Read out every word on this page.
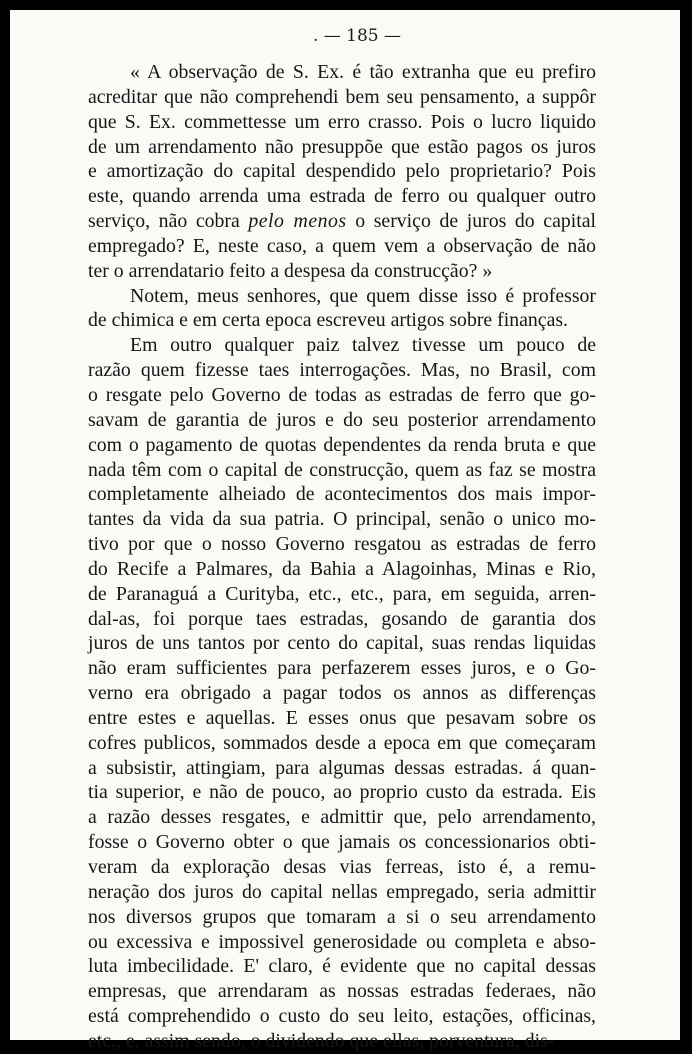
. — 185 —
« A observação de S. Ex. é tão extranha que eu prefiro
acreditar que não comprehendi bem seu pensamento, a suppôr
que S. Ex. commettesse um erro crasso. Pois o lucro liquido
de um arrendamento não presuppõe que estão pagos os juros
e amortização do capital despendido pelo proprietario? Pois
este, quando arrenda uma estrada de ferro ou qualquer outro
serviço, não cobra pelo menos o serviço de juros do capital
empregado? E, neste caso, a quem vem a observação de não
ter o arrendatario feito a despesa da construcção? »
Notem, meus senhores, que quem disse isso é professor
de chimica e em certa epoca escreveu artigos sobre finanças.
Em outro qualquer paiz talvez tivesse um pouco de
razão quem fizesse taes interrogações. Mas, no Brasil, com
o resgate pelo Governo de todas as estradas de ferro que go-
savam de garantia de juros e do seu posterior arrendamento
com o pagamento de quotas dependentes da renda bruta e que
nada têm com o capital de construcção, quem as faz se mostra
completamente alheiado de acontecimentos dos mais impor-
tantes da vida da sua patria. O principal, senão o unico mo-
tivo por que o nosso Governo resgatou as estradas de ferro
do Recife a Palmares, da Bahia a Alagoinhas, Minas e Rio,
de Paranaguá a Curityba, etc., etc., para, em seguida, arren-
dal-as, foi porque taes estradas, gosando de garantia dos
juros de uns tantos por cento do capital, suas rendas liquidas
não eram sufficientes para perfazerem esses juros, e o Go-
verno era obrigado a pagar todos os annos as differenças
entre estes e aquellas. E esses onus que pesavam sobre os
cofres publicos, sommados desde a epoca em que começaram
a subsistir, attingiam, para algumas dessas estradas. á quan-
tia superior, e não de pouco, ao proprio custo da estrada. Eis
a razão desses resgates, e admittir que, pelo arrendamento,
fosse o Governo obter o que jamais os concessionarios obti-
veram da exploração desas vias ferreas, isto é, a remu-
neração dos juros do capital nellas empregado, seria admittir
nos diversos grupos que tomaram a si o seu arrendamento
ou excessiva e impossivel generosidade ou completa e abso-
luta imbecilidade. E' claro, é evidente que no capital dessas
empresas, que arrendaram as nossas estradas federaes, não
está comprehendido o custo do seu leito, estações, officinas,
etc., e, assim sendo, o dividendo que ellas, porventura, dis-
